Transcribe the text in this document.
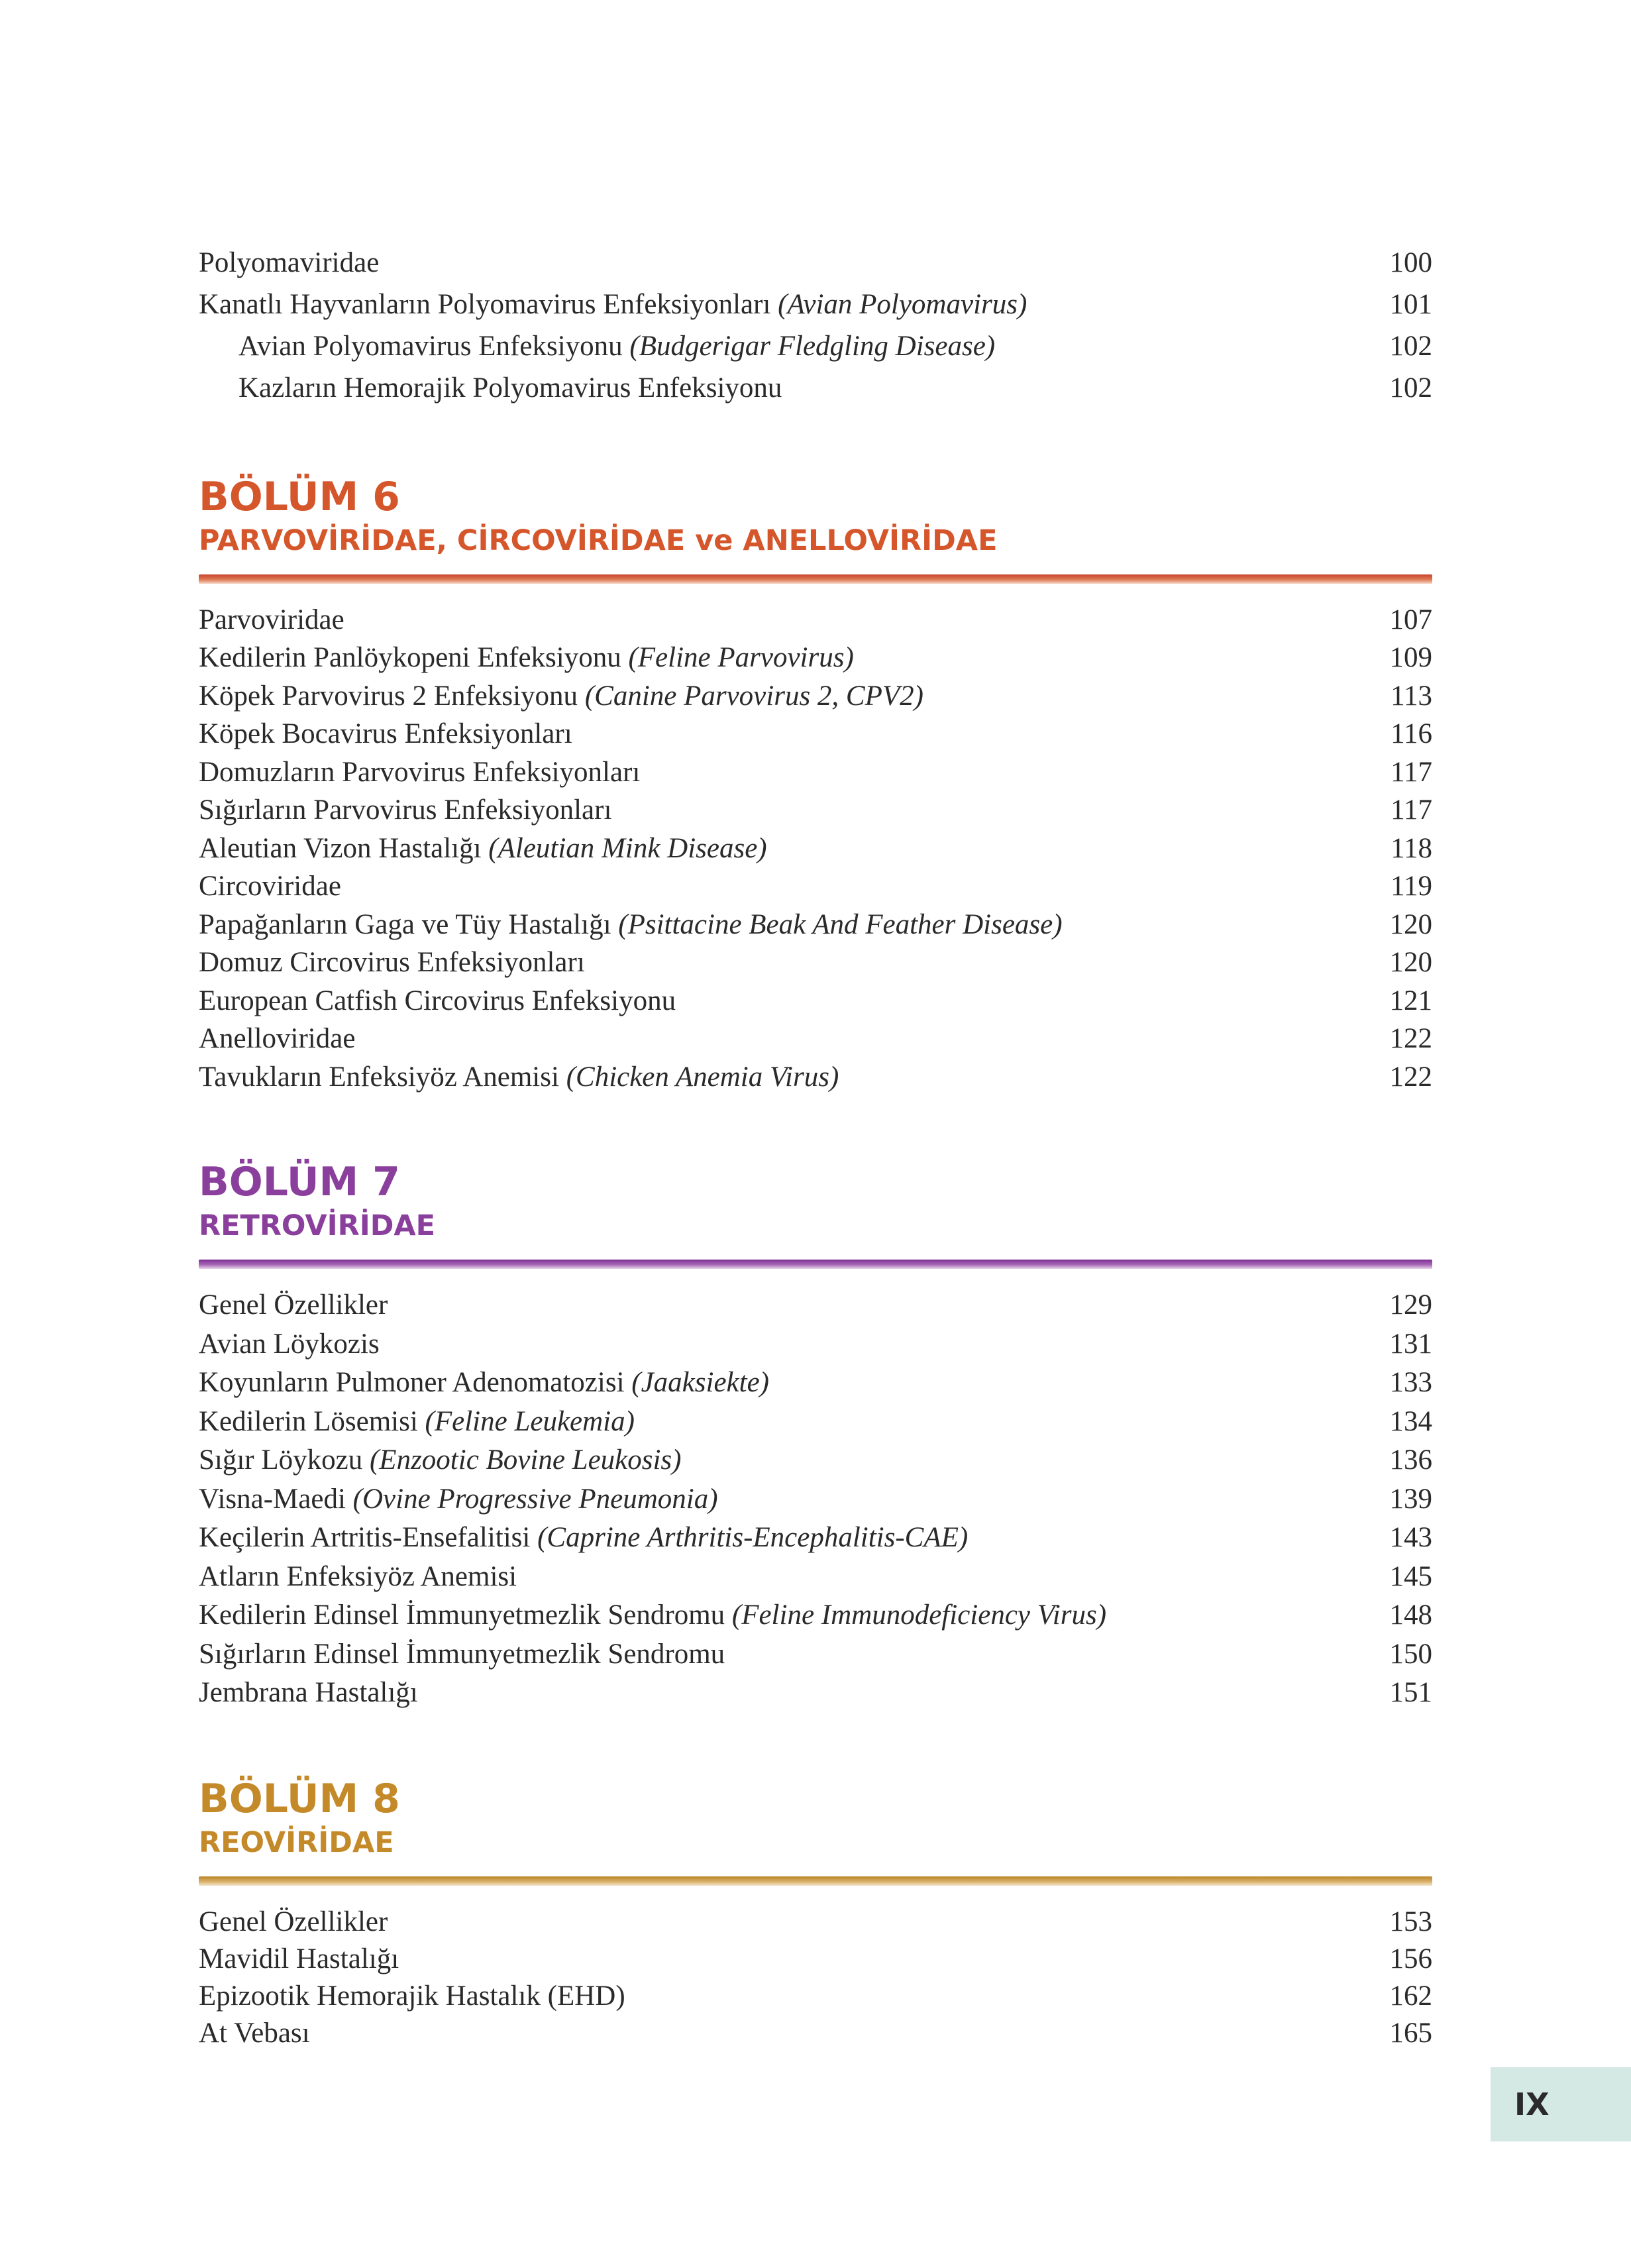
Polyomaviridae	100
Kanatlı Hayvanların Polyomavirus Enfeksiyonları (Avian Polyomavirus)	101
Avian Polyomavirus Enfeksiyonu (Budgerigar Fledgling Disease)	102
Kazların Hemorajik Polyomavirus Enfeksiyonu	102
BÖLÜM 6
PARVOVİRİDAE, CİRCOVİRİDAE ve ANELLOVİRİDAE
Parvoviridae	107
Kedilerin Panlöykopeni Enfeksiyonu (Feline Parvovirus)	109
Köpek Parvovirus 2 Enfeksiyonu (Canine Parvovirus 2, CPV2)	113
Köpek Bocavirus Enfeksiyonları	116
Domuzların Parvovirus Enfeksiyonları	117
Sığırların Parvovirus Enfeksiyonları	117
Aleutian Vizon Hastalığı (Aleutian Mink Disease)	118
Circoviridae	119
Papağanların Gaga ve Tüy Hastalığı (Psittacine Beak And Feather Disease)	120
Domuz Circovirus Enfeksiyonları	120
European Catfish Circovirus Enfeksiyonu	121
Anelloviridae	122
Tavukların Enfeksiyöz Anemisi (Chicken Anemia Virus)	122
BÖLÜM 7
RETROVİRİDAE
Genel Özellikler	129
Avian Löykozis	131
Koyunların Pulmoner Adenomatozisi (Jaaksiekte)	133
Kedilerin Lösemisi (Feline Leukemia)	134
Sığır Löykozu (Enzootic Bovine Leukosis)	136
Visna-Maedi (Ovine Progressive Pneumonia)	139
Keçilerin Artritis-Ensefalitisi (Caprine Arthritis-Encephalitis-CAE)	143
Atların Enfeksiyöz Anemisi	145
Kedilerin Edinsel İmmunyetmezlik Sendromu (Feline Immunodeficiency Virus)	148
Sığırların Edinsel İmmunyetmezlik Sendromu	150
Jembrana Hastalığı	151
BÖLÜM 8
REOVİRİDAE
Genel Özellikler	153
Mavidil Hastalığı	156
Epizootik Hemorajik Hastalık (EHD)	162
At Vebası	165
IX
